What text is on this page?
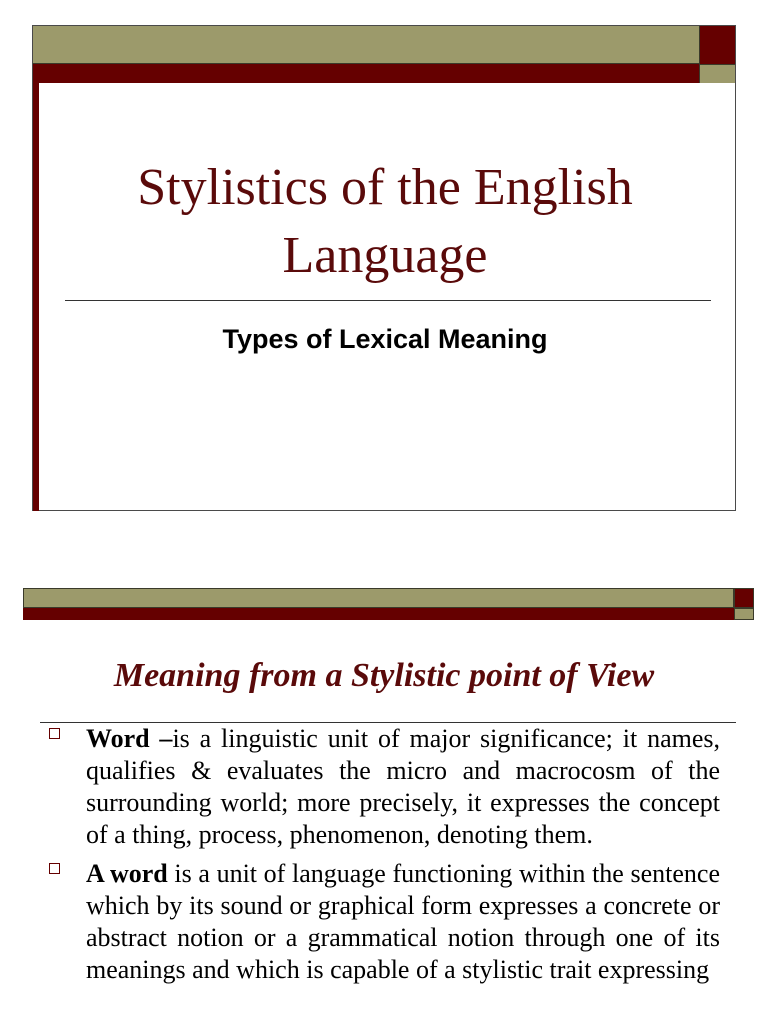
Stylistics of the English Language
Types of Lexical Meaning
Meaning from a Stylistic point of View
Word –is a linguistic unit of major significance; it names, qualifies & evaluates the micro and macrocosm of the surrounding world; more precisely, it expresses the concept of a thing, process, phenomenon, denoting them.
A word is a unit of language functioning within the sentence which by its sound or graphical form expresses a concrete or abstract notion or a grammatical notion through one of its meanings and which is capable of a stylistic trait expressing
